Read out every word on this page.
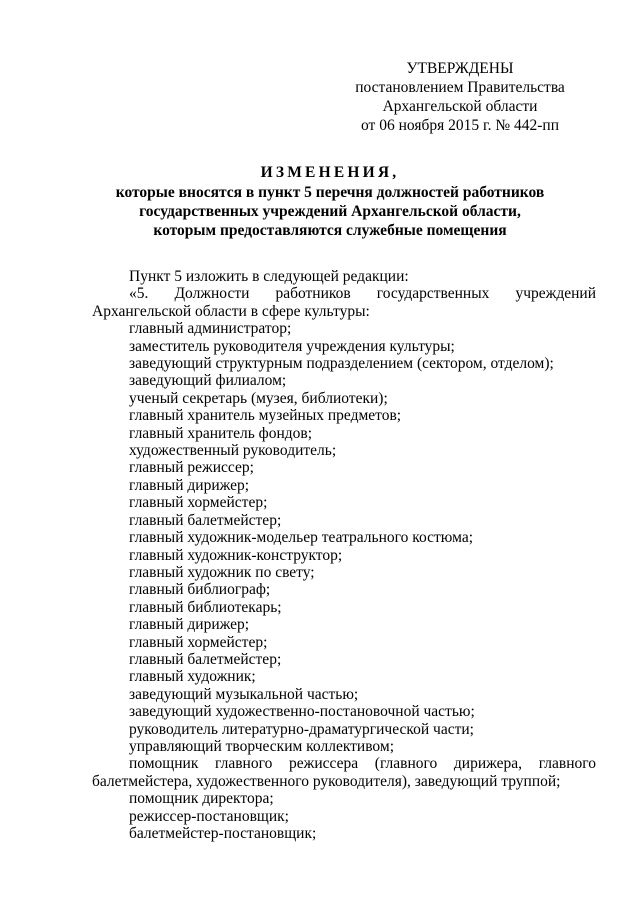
УТВЕРЖДЕНЫ
постановлением Правительства
Архангельской области
от 06 ноября 2015 г. № 442-пп
ИЗМЕНЕНИЯ,
которые вносятся в пункт 5 перечня должностей работников
государственных учреждений Архангельской области,
которым предоставляются служебные помещения

Пункт 5 изложить в следующей редакции:

«5. Должности работников государственных учреждений Архангельской области в сфере культуры:

главный администратор;

заместитель руководителя учреждения культуры;

заведующий структурным подразделением (сектором, отделом);

заведующий филиалом;

ученый секретарь (музея, библиотеки);

главный хранитель музейных предметов;

главный хранитель фондов;

художественный руководитель;

главный режиссер;

главный дирижер;

главный хормейстер;

главный балетмейстер;

главный художник-модельер театрального костюма;

главный художник-конструктор;

главный художник по свету;

главный библиограф;

главный библиотекарь;

главный дирижер;

главный хормейстер;

главный балетмейстер;

главный художник;

заведующий музыкальной частью;

заведующий художественно-постановочной частью;

руководитель литературно-драматургической части;

управляющий творческим коллективом;

помощник главного режиссера (главного дирижера, главного балетмейстера, художественного руководителя), заведующий труппой;

помощник директора;

режиссер-постановщик;

балетмейстер-постановщик;
